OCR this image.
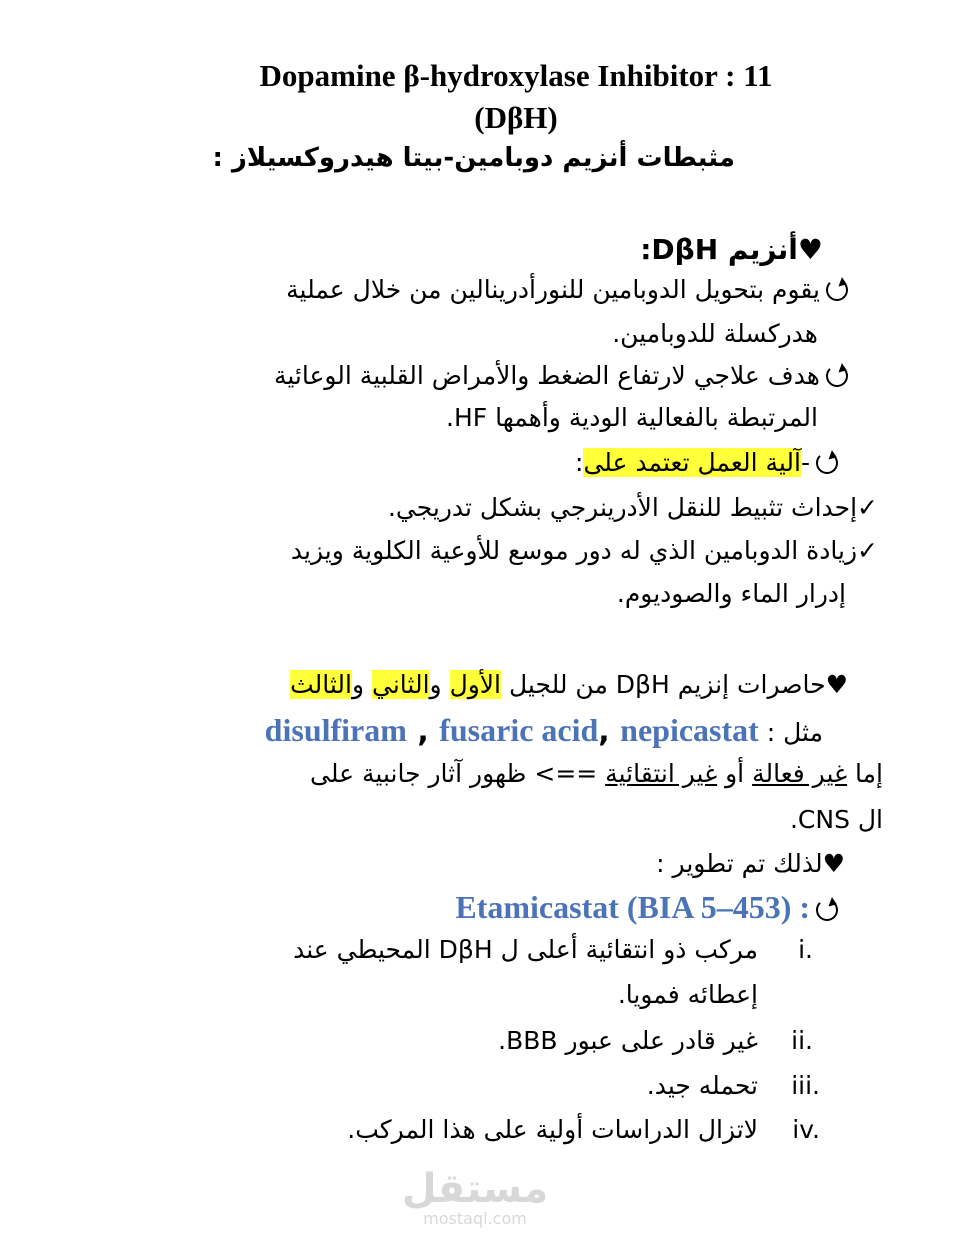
Dopamine β-hydroxylase Inhibitor : 11
(DβH)
مثبطات أنزيم دوبامين-بيتا هيدروكسيلاز :
♥أنزيم DβH:
يقوم بتحويل الدوبامين للنورأدرينالين من خلال عملية
هدركسلة للدوبامين.
هدف علاجي لارتفاع الضغط والأمراض القلبية الوعائية
المرتبطة بالفعالية الودية وأهمها HF.
-آلية العمل تعتمد على:
✓إحداث تثبيط للنقل الأدرينرجي بشكل تدريجي.
✓زيادة الدوبامين الذي له دور موسع للأوعية الكلوية ويزيد
إدرار الماء والصوديوم.
♥حاصرات إنزيم DβH من للجيل الأول والثاني والثالث
مثل : disulfiram , fusaric acid, nepicastat
إما غير فعالة أو غير انتقائية ==> ظهور آثار جانبية على
ال CNS.
♥لذلك تم تطوير :
Etamicastat (BIA 5–453) :
i.
مركب ذو انتقائية أعلى ل DβH المحيطي عند
إعطائه فمويا.
ii.
غير قادر على عبور BBB.
iii.
تحمله جيد.
iv.
لاتزال الدراسات أولية على هذا المركب.
مستقل
mostaql.com
